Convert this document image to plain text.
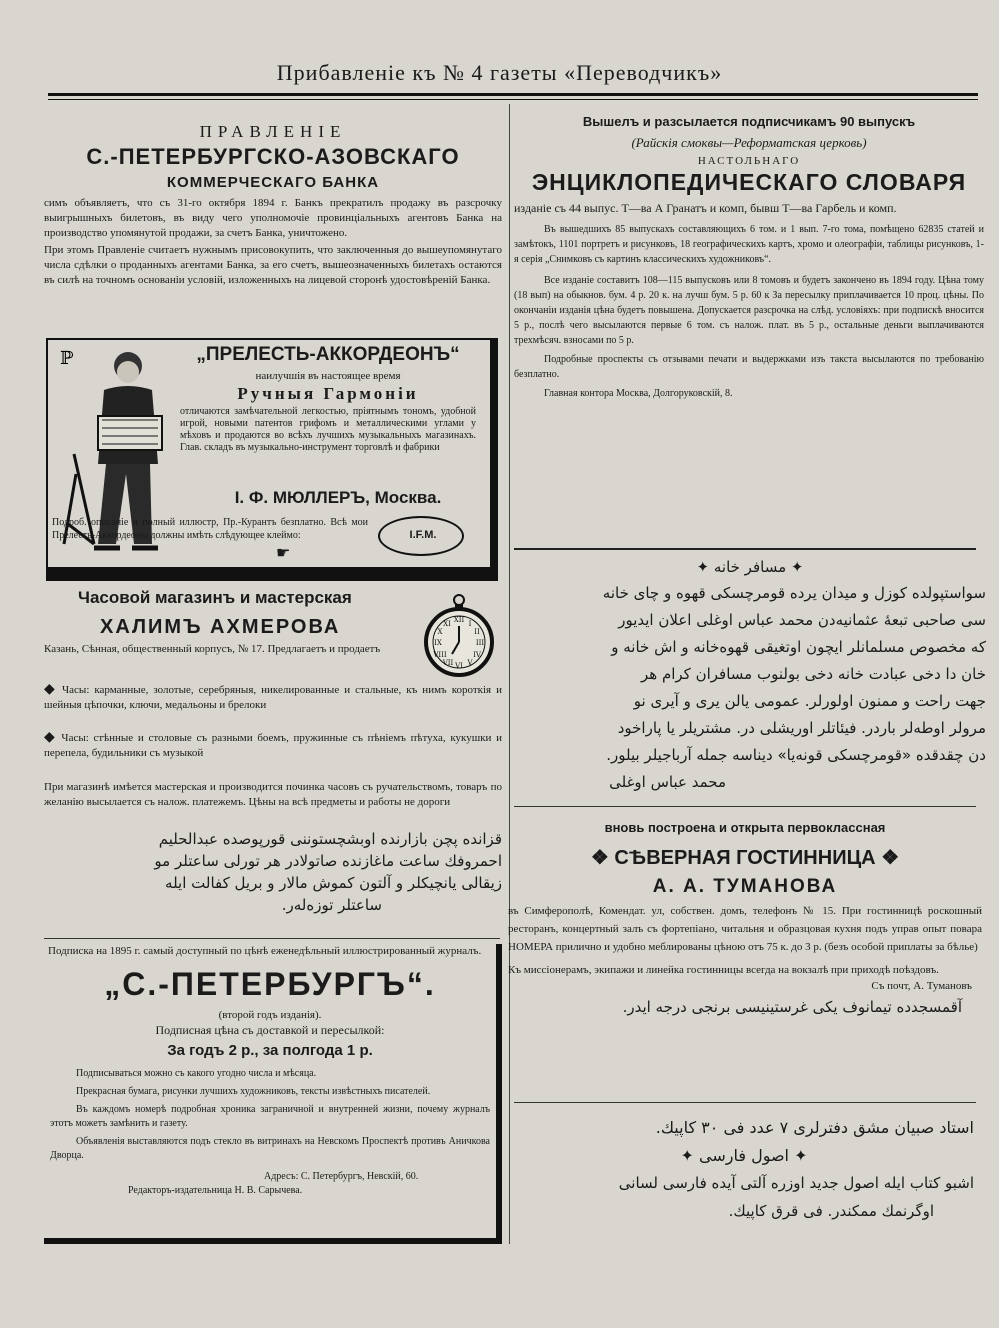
Прибавленіе къ № 4 газеты «Переводчикъ»
ПРАВЛЕНІЕ
С.-ПЕТЕРБУРГСКО-АЗОВСКАГО
КОММЕРЧЕСКАГО БАНКА
симъ объявляетъ, что съ 31-го октября 1894 г. Банкъ прекратилъ продажу въ разсрочку выигрышныхъ билетовъ, въ виду чего уполномочіе провинціальныхъ агентовъ Банка на производство упомянутой продажи, за счетъ Банка, уничтожено.
При этомъ Правленіе считаетъ нужнымъ присовокупить, что заключенныя до вышеупомянутаго числа сдѣлки о проданныхъ агентами Банка, за его счетъ, вышеозначенныхъ билетахъ остаются въ силѣ на точномъ основаніи условій, изложенныхъ на лицевой сторонѣ удостовѣреній Банка.
ℙ	„ПРЕЛЕСТЬ-АККОРДЕОНЪ“
наилучшія въ настоящее время
Ручныя Гармоніи
отличаются замѣчательной легкостью, пріятнымъ тономъ, удобной игрой, новыми патентов грифомъ и металлическими углами у мѣховъ и продаются во всѣхъ лучшихъ музыкальныхъ магазинахъ. Глав. складъ въ музыкально-инструмент торговлѣ и фабрики
І. Ф. МЮЛЛЕРЪ, Москва.
Подроб. описаніе и полный иллюстр, Пр.-Курантъ безплатно. Всѣ мои Прелесть-Аккордеоны должны имѣть слѣдующее клеймо:
☛
I.F.M.
Часовой магазинъ и мастерская
ХАЛИМЪ АХМЕРОВА	XII
III
VI
IX
I
II
IV
V
VII
VIII
X
XI
Казань, Сѣнная, общественный корпусъ, № 17. Предлагаетъ и продаетъ
◆ Часы: карманные, золотые, серебряныя, никелированные и стальные, къ нимъ короткія и шейныя цѣпочки, ключи, медальоны и брелоки
◆ Часы: стѣнные и столовые съ разными боемъ, пружинные съ пѣніемъ пѣтуха, кукушки и перепела, будильники съ музыкой
При магазинѣ имѣется мастерская и производится починка часовъ съ ручательствомъ, товаръ по желанію высылается съ налож. платежемъ. Цѣны на всѣ предметы и работы не дороги
قزانده پچن بازارنده اوبشچستوننی قورپوصده عبدالحليم
احمروفك ساعت ماغازنده صاتولادر هر تورلی ساعتلر مو
زيقالی يانچيكلر و آلتون كموش مالار و بريل كفالت ايله
ساعتلر توزه‌له‌ر.
Подписка на 1895 г. самый доступный по цѣнѣ еженедѣльный иллюстрированный журналъ.
„С.-ПЕТЕРБУРГЪ“.
(второй годъ изданія).
Подписная цѣна съ доставкой и пересылкой:
За годъ 2 р., за полгода 1 р.
Подписываться можно съ какого угодно числа и мѣсяца.
Прекрасная бумага, рисунки лучшихъ художниковъ, тексты извѣстныхъ писателей.
Въ каждомъ номерѣ подробная хроника заграничной и внутренней жизни, почему журналъ этотъ можетъ замѣнить и газету.
Объявленія выставляются подъ стекло въ витринахъ на Невскомъ Проспектѣ противъ Аничкова Дворца.
Адресъ: С. Петербургъ, Невскій, 60.
Редакторъ-издательница Н. В. Сарычева.
Вышелъ и разсылается подписчикамъ 90 выпускъ
(Райскія смоквы—Реформатская церковь)
НАСТОЛЬНАГО
ЭНЦИКЛОПЕДИЧЕСКАГО СЛОВАРЯ
изданіе съ 44 выпус. Т—ва А Гранатъ и комп, бывш Т—ва Гарбель и комп.
Въ вышедшихъ 85 выпускахъ составляющихъ 6 том. и 1 вып. 7-го тома, помѣщено 62835 статей и замѣтокъ, 1101 портретъ и рисунковъ, 18 географическихъ картъ, хромо и олеографіи, таблицы рисунковъ, 1-я серія „Снимковъ съ картинъ классическихъ художниковъ“.
Все изданіе составитъ 108—115 выпусковъ или 8 томовъ и будетъ закончено въ 1894 году. Цѣна тому (18 вып) на обыкнов. бум. 4 р. 20 к. на лучш бум. 5 р. 60 к За пересылку приплачивается 10 проц. цѣны. По окончаніи изданія цѣна будетъ повышена. Допускается разсрочка на слѣд. условіяхъ: при подпискѣ вносится 5 р., послѣ чего высылаются первые 6 том. съ налож. плат. въ 5 р., остальные деньги выплачиваются трехмѣсяч. взносами по 5 р.
Подробные проспекты съ отзывами печати и выдержками изъ такста высылаются по требованію безплатно.
Главная контора Москва, Долгоруковскій, 8.
✦ مسافر خانه ✦
سواستپولده كوزل و ميدان يرده قومرچسكی قهوه و چای خانه
سی صاحبی تبعهٔ عثمانيه‌دن محمد عباس اوغلی اعلان ايديور
كه مخصوص مسلمانلر ايچون اوتغيقی قهوه‌خانه و اش خانه و
خان دا دخی عبادت خانه دخی بولنوب مسافران كرام هر
جهت راحت و ممنون اولورلر. عمومی يالن يری و آيری نو
مرولر اوطه‌لر باردر. فيئاتلر اوريشلی در. مشتريلر يا پاراخود
دن چقدقده «قومرچسكی قونه‌يا» ديناسه جمله آرباجيلر بيلور.
محمد عباس اوغلی
вновь построена и открыта первоклассная
❖ СѢВЕРНАЯ ГОСТИННИЦА ❖
А. А. ТУМАНОВА
въ Симферополѣ, Комендат. ул, собствен. домъ, телефонъ № 15. При гостинницѣ роскошный ресторанъ, концертный залъ съ фортепіано, читальня и образцовая кухня подъ управ опыт повара НОМЕРА прилично и удобно меблированы цѣною отъ 75 к. до 3 р. (безъ особой приплаты за бѣлье)
Къ миссіонерамъ, экипажи и линейка гостинницы всегда на вокзалѣ при приходѣ поѣздовъ.
Съ почт, А. Тумановъ
آقمسجدده تيمانوف يكی غرستينيسی برنجی درجه ايدر.
استاد صبيان مشق دفترلری ۷ عدد فی ۳۰ كاپيك.
✦ اصول فارسی ✦
اشبو كتاب ايله اصول جديد اوزره آلتی آيده فارسی لسانی
اوگرنمك ممكندر. فی قرق كاپيك.
